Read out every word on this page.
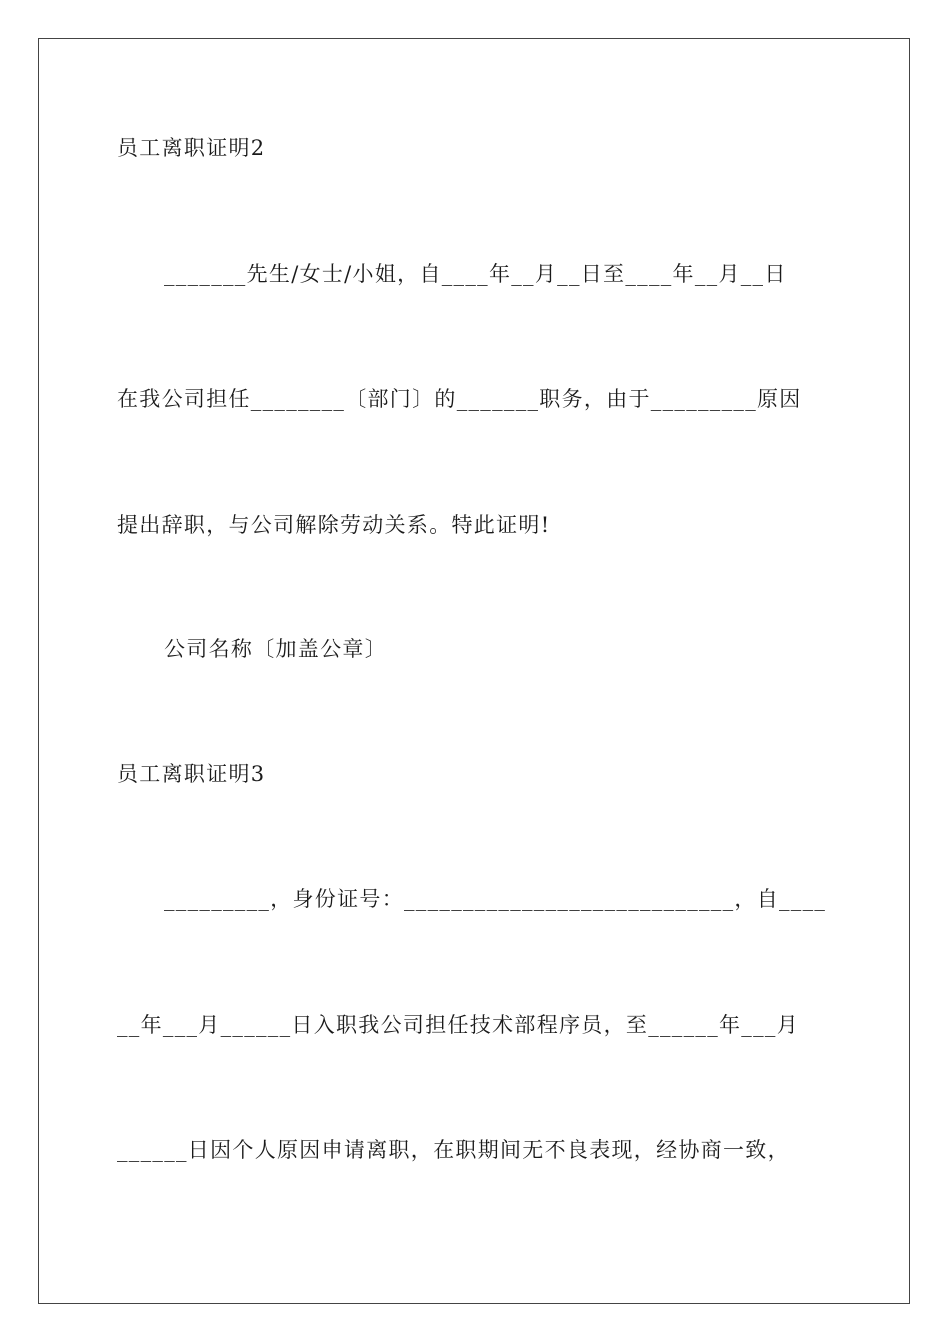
员工离职证明2
_______先生/女士/小姐，自____年__月__日至____年__月__日
在我公司担任________〔部门〕的_______职务，由于_________原因
提出辞职，与公司解除劳动关系。特此证明!
公司名称〔加盖公章〕
员工离职证明3
_________，身份证号：____________________________，自____
__年___月______日入职我公司担任技术部程序员，至______年___月
______日因个人原因申请离职，在职期间无不良表现，经协商一致，
